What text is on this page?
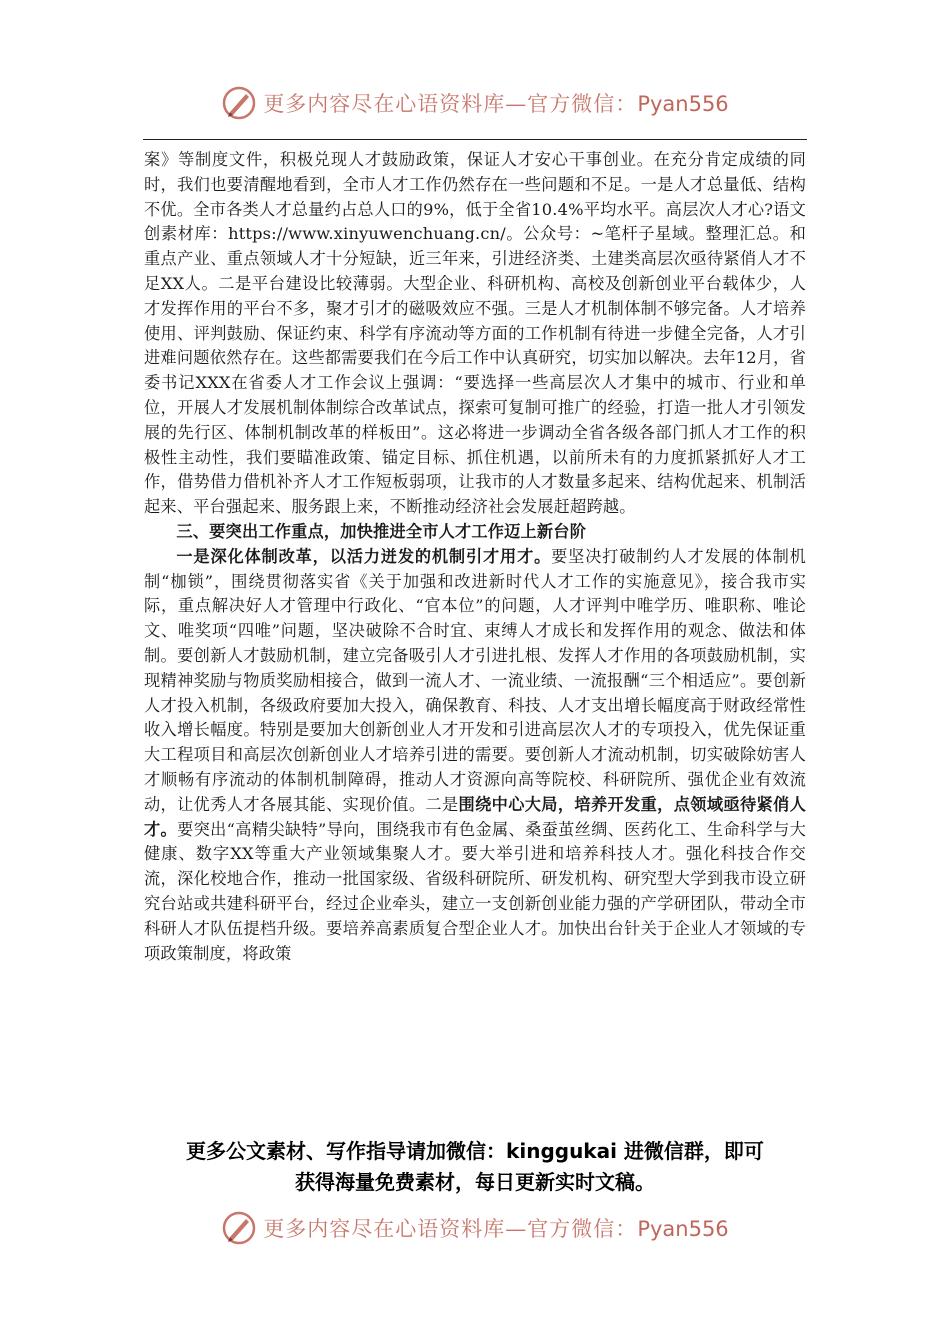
更多内容尽在心语资料库—官方微信：Pyan556

案》等制度文件，积极兑现人才鼓励政策，保证人才安心干事创业。在充分肯定成绩的同时，我们也要清醒地看到，全市人才工作仍然存在一些问题和不足。一是人才总量低、结构不优。全市各类人才总量约占总人口的9%，低于全省10.4%平均水平。高层次人才心?语文创素材库：https://www.xinyuwenchuang.cn/。公众号：~笔杆子星域。整理汇总。和重点产业、重点领域人才十分短缺，近三年来，引进经济类、土建类高层次亟待紧俏人才不足XX人。二是平台建设比较薄弱。大型企业、科研机构、高校及创新创业平台载体少，人才发挥作用的平台不多，聚才引才的磁吸效应不强。三是人才机制体制不够完备。人才培养使用、评判鼓励、保证约束、科学有序流动等方面的工作机制有待进一步健全完备，人才引进难问题依然存在。这些都需要我们在今后工作中认真研究，切实加以解决。去年12月，省委书记XXX在省委人才工作会议上强调：“要选择一些高层次人才集中的城市、行业和单位，开展人才发展机制体制综合改革试点，探索可复制可推广的经验，打造一批人才引领发展的先行区、体制机制改革的样板田”。这必将进一步调动全省各级各部门抓人才工作的积极性主动性，我们要瞄准政策、锚定目标、抓住机遇，以前所未有的力度抓紧抓好人才工作，借势借力借机补齐人才工作短板弱项，让我市的人才数量多起来、结构优起来、机制活起来、平台强起来、服务跟上来，不断推动经济社会发展赶超跨越。

三、要突出工作重点，加快推进全市人才工作迈上新台阶

一是深化体制改革，以活力迸发的机制引才用才。要坚决打破制约人才发展的体制机制“枷锁”，围绕贯彻落实省《关于加强和改进新时代人才工作的实施意见》，接合我市实际，重点解决好人才管理中行政化、“官本位”的问题，人才评判中唯学历、唯职称、唯论文、唯奖项“四唯”问题，坚决破除不合时宜、束缚人才成长和发挥作用的观念、做法和体制。要创新人才鼓励机制，建立完备吸引人才引进扎根、发挥人才作用的各项鼓励机制，实现精神奖励与物质奖励相接合，做到一流人才、一流业绩、一流报酬“三个相适应”。要创新人才投入机制，各级政府要加大投入，确保教育、科技、人才支出增长幅度高于财政经常性收入增长幅度。特别是要加大创新创业人才开发和引进高层次人才的专项投入，优先保证重大工程项目和高层次创新创业人才培养引进的需要。要创新人才流动机制，切实破除妨害人才顺畅有序流动的体制机制障碍，推动人才资源向高等院校、科研院所、强优企业有效流动，让优秀人才各展其能、实现价值。二是围绕中心大局，培养开发重，点领域亟待紧俏人才。要突出“高精尖缺特”导向，围绕我市有色金属、桑蚕茧丝绸、医药化工、生命科学与大健康、数字XX等重大产业领域集聚人才。要大举引进和培养科技人才。强化科技合作交流，深化校地合作，推动一批国家级、省级科研院所、研发机构、研究型大学到我市设立研究台站或共建科研平台，经过企业牵头，建立一支创新创业能力强的产学研团队，带动全市科研人才队伍提档升级。要培养高素质复合型企业人才。加快出台针关于企业人才领域的专项政策制度，将政策

更多公文素材、写作指导请加微信：kinggukai 进微信群，即可
获得海量免费素材，每日更新实时文稿。
更多内容尽在心语资料库—官方微信：Pyan556
